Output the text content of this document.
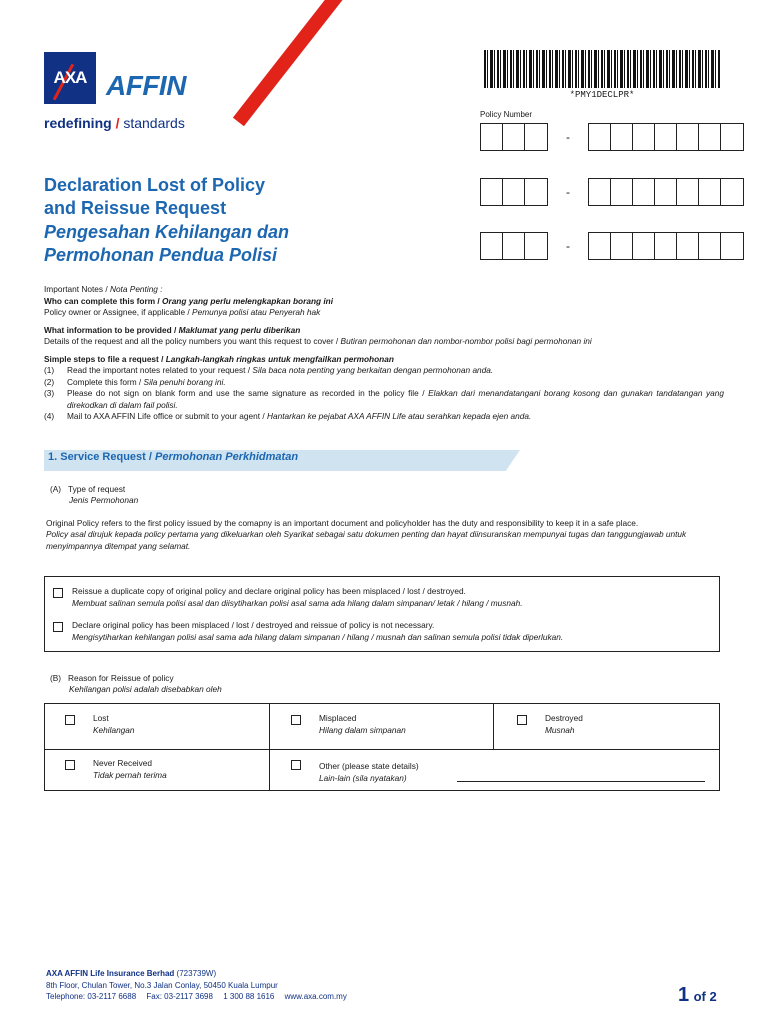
AXA AFFIN
redefining / standards
*PMY1DECLPR*
Policy Number
-
-
-
Declaration Lost of Policy
and Reissue Request
Pengesahan Kehilangan dan
Permohonan Pendua Polisi
Important Notes / Nota Penting :
Who can complete this form / Orang yang perlu melengkapkan borang ini
Policy owner or Assignee, if applicable / Pemunya polisi atau Penyerah hak
What information to be provided / Maklumat yang perlu diberikan
Details of the request and all the policy numbers you want this request to cover / Butiran permohonan dan nombor-nombor polisi bagi permohonan ini
Simple steps to file a request / Langkah-langkah ringkas untuk mengfailkan permohonan
(1)	Read the important notes related to your request / Sila baca nota penting yang berkaitan dengan permohonan anda.
(2)	Complete this form / Sila penuhi borang ini.
(3)	Please do not sign on blank form and use the same signature as recorded in the policy file / Elakkan dari menandatangani borang kosong dan gunakan tandatangan yang direkodkan di dalam fail polisi.
(4)	Mail to AXA AFFIN Life office or submit to your agent / Hantarkan ke pejabat AXA AFFIN Life atau serahkan kepada ejen anda.
1. Service Request / Permohonan Perkhidmatan
(A) Type of request
Jenis Permohonan
Original Policy refers to the first policy issued by the comapny is an important document and policyholder has the duty and responsibility to keep it in a safe place.
Policy asal dirujuk kepada policy pertama yang dikeluarkan oleh Syarikat sebagai satu dokumen penting dan hayat diinsuranskan mempunyai tugas dan tanggungjawab untuk menyimpannya ditempat yang selamat.
Reissue a duplicate copy of original policy and declare original policy has been misplaced / lost / destroyed.
Membuat salinan semula polisi asal dan diisytiharkan polisi asal sama ada hilang dalam simpanan/ letak / hilang / musnah.
Declare original policy has been misplaced / lost / destroyed and reissue of policy is not necessary.
Mengisytiharkan kehilangan polisi asal sama ada hilang dalam simpanan / hilang / musnah dan salinan semula polisi tidak diperlukan.
(B) Reason for Reissue of policy
Kehilangan polisi adalah disebabkan oleh
Lost
Kehilangan
Misplaced
Hilang dalam simpanan
Destroyed
Musnah
Never Received
Tidak pernah terima
Other (please state details)
Lain-lain (sila nyatakan)
AXA AFFIN Life Insurance Berhad (723739W)
8th Floor, Chulan Tower, No.3 Jalan Conlay, 50450 Kuala Lumpur
Telephone: 03-2117 6688 Fax: 03-2117 3698 1 300 88 1616 www.axa.com.my	1 of 2
